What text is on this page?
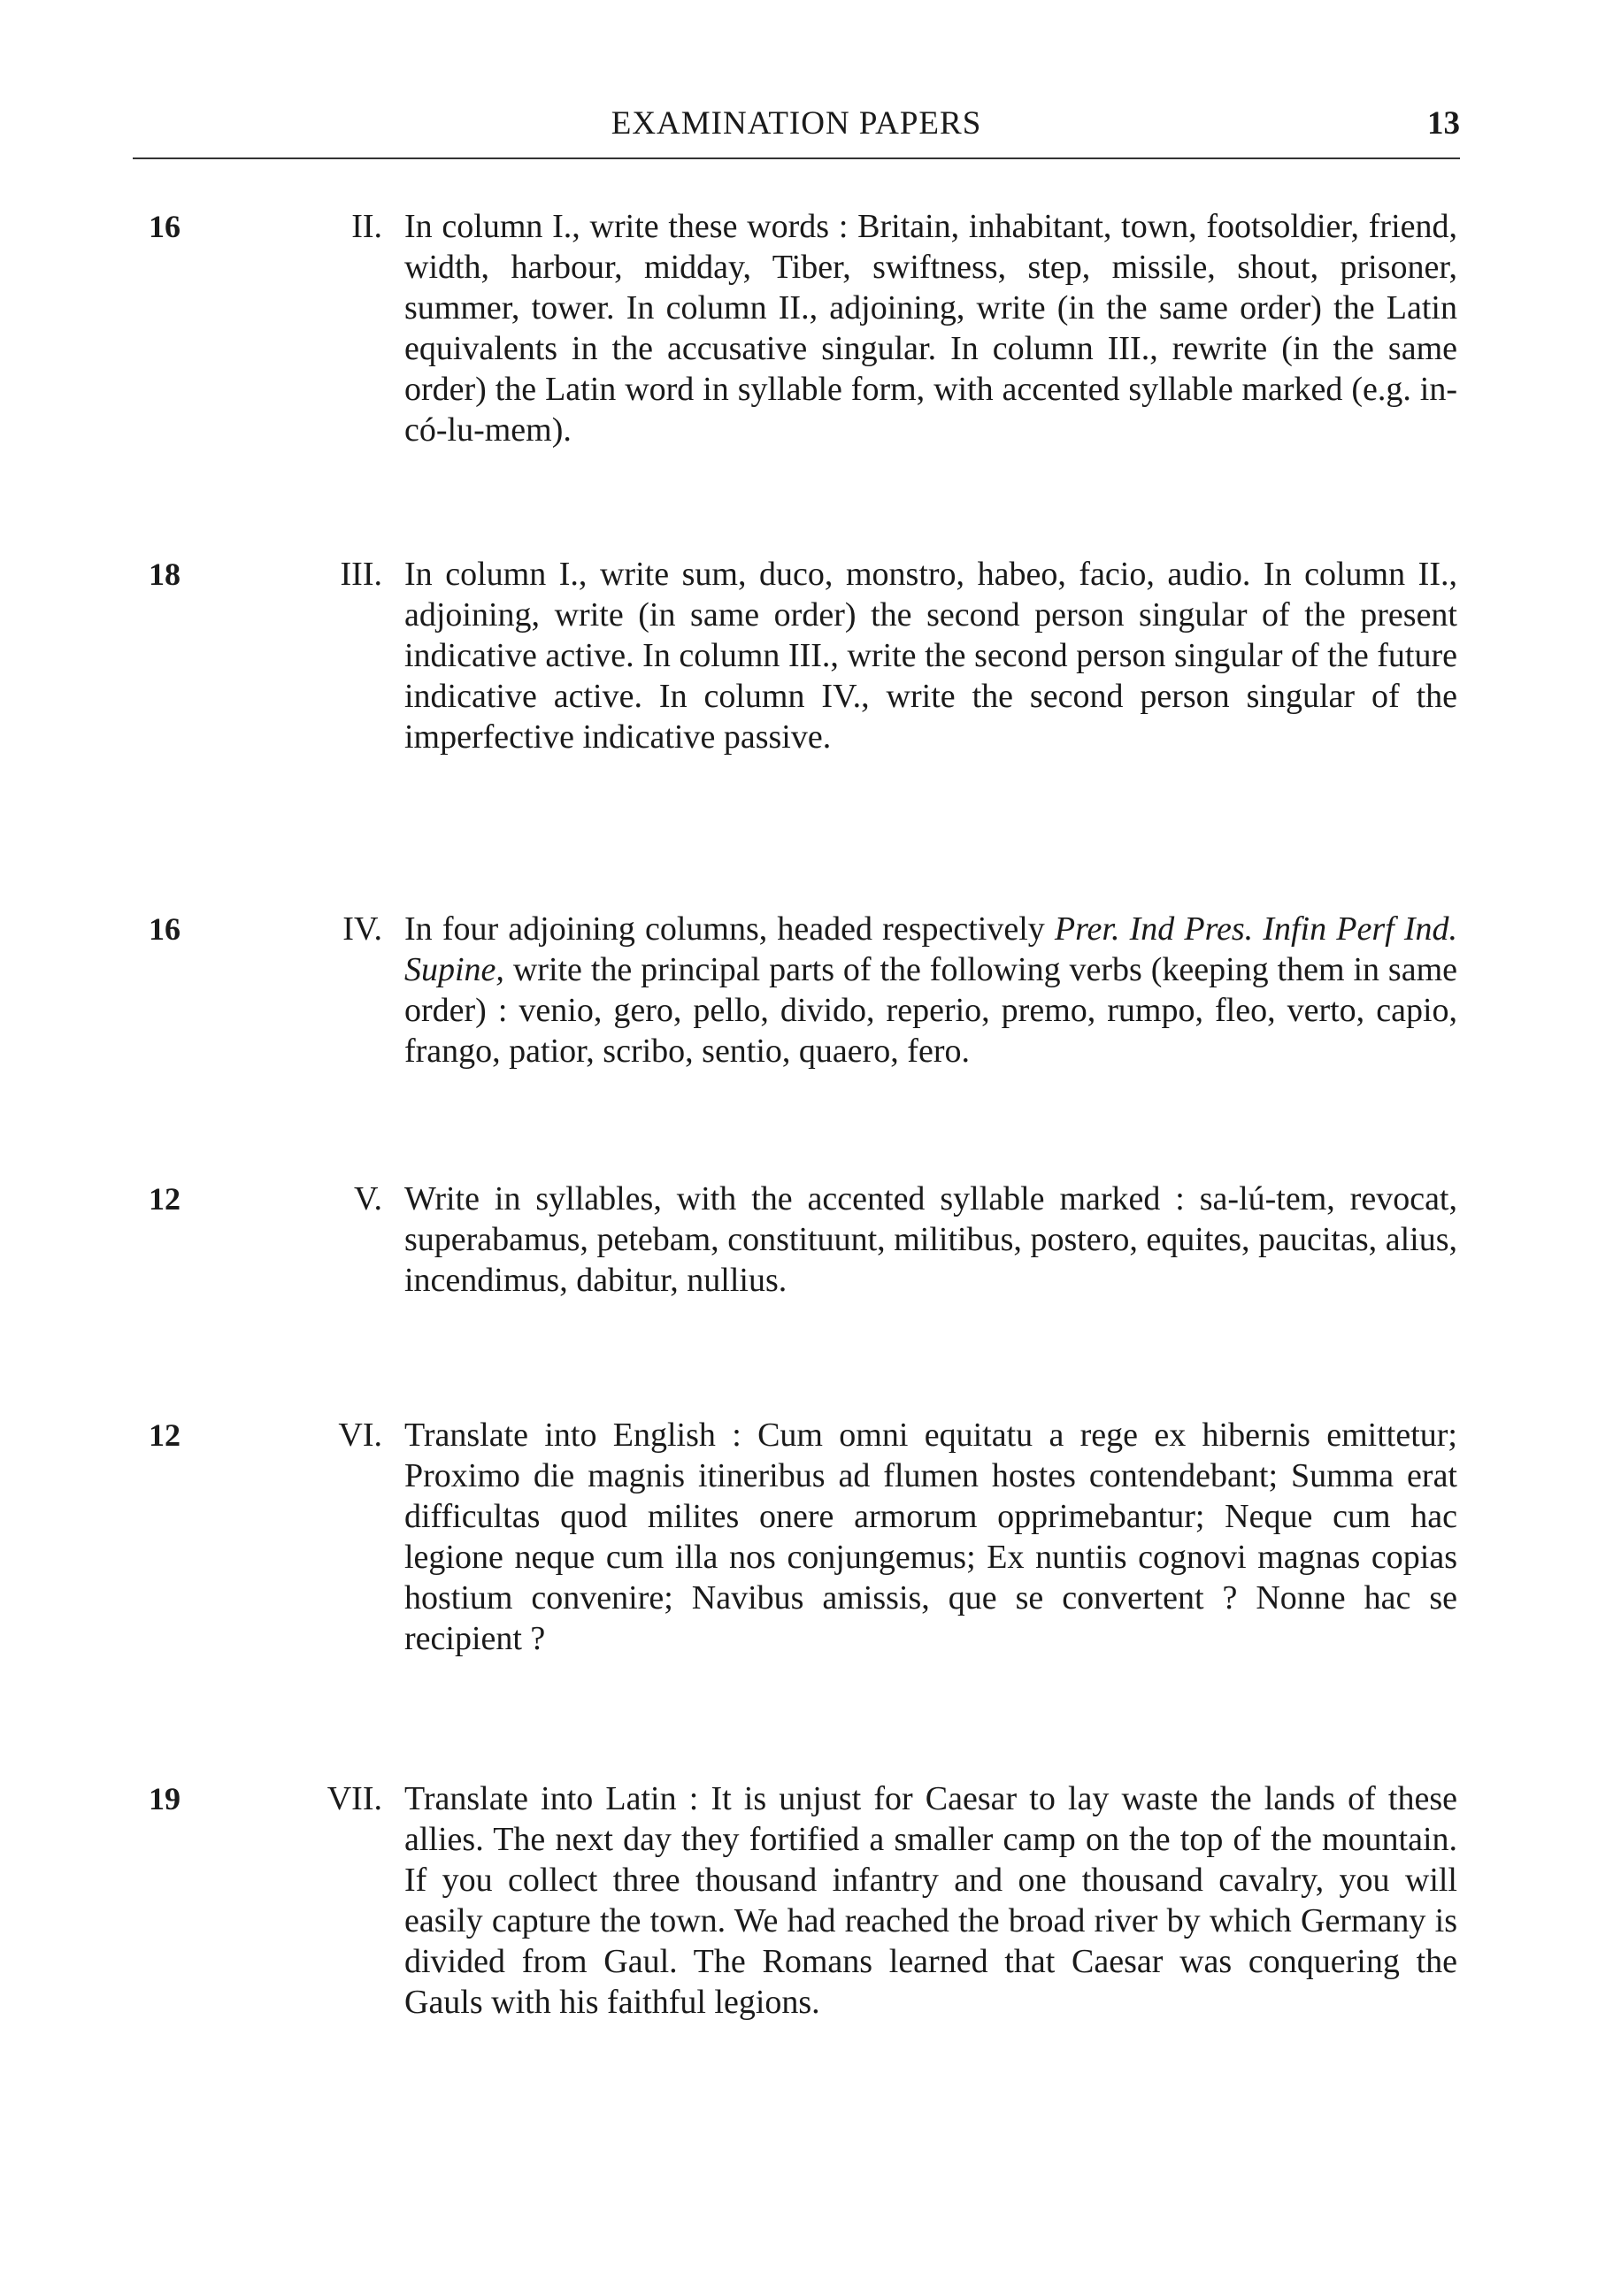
EXAMINATION PAPERS	13
16	II. In column I., write these words : Britain, inhabitant, town, footsoldier, friend, width, harbour, midday, Tiber, swiftness, step, missile, shout, prisoner, summer, tower. In column II., adjoining, write (in the same order) the Latin equivalents in the accusative singular. In column III., rewrite (in the same order) the Latin word in syllable form, with accented syllable marked (e.g. in-có-lu-mem).
18	III. In column I., write sum, duco, monstro, habeo, facio, audio. In column II., adjoining, write (in same order) the second person singular of the present indicative active. In column III., write the second person singular of the future indicative active. In column IV., write the second person singular of the imperfective indicative passive.
16	IV. In four adjoining columns, headed respectively Prer. Ind Pres. Infin Perf Ind. Supine, write the principal parts of the following verbs (keeping them in same order) : venio, gero, pello, divido, reperio, premo, rumpo, fleo, verto, capio, frango, patior, scribo, sentio, quaero, fero.
12	V. Write in syllables, with the accented syllable marked : sa-lú-tem, revocat, superabamus, petebam, constituunt, militibus, postero, equites, paucitas, alius, incendimus, dabitur, nullius.
12	VI. Translate into English : Cum omni equitatu a rege ex hibernis emittetur; Proximo die magnis itineribus ad flumen hostes contendebant; Summa erat difficultas quod milites onere armorum opprimebantur; Neque cum hac legione neque cum illa nos conjungemus; Ex nuntiis cognovi magnas copias hostium convenire; Navibus amissis, que se convertent ? Nonne hac se recipient ?
19	VII. Translate into Latin : It is unjust for Caesar to lay waste the lands of these allies. The next day they fortified a smaller camp on the top of the mountain. If you collect three thousand infantry and one thousand cavalry, you will easily capture the town. We had reached the broad river by which Germany is divided from Gaul. The Romans learned that Caesar was conquering the Gauls with his faithful legions.
